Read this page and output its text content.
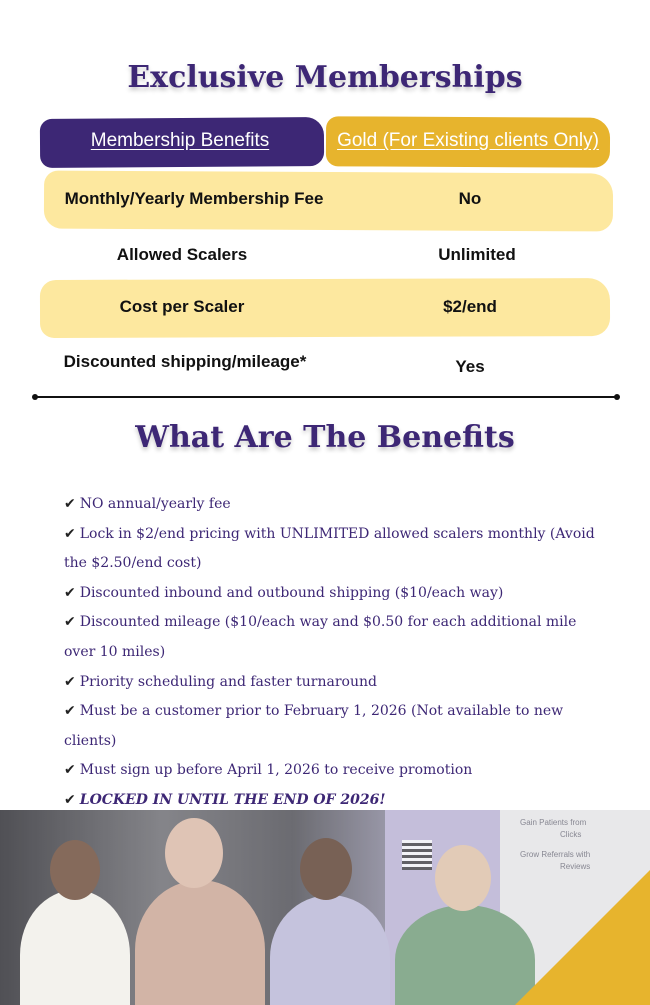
Exclusive Memberships
Membership Benefits	Gold (For Existing clients Only)
Monthly/Yearly Membership Fee	No
Allowed Scalers	Unlimited
Cost per Scaler	$2/end
Discounted shipping/mileage*	Yes
What Are The Benefits
✔ NO annual/yearly fee
✔ Lock in $2/end pricing with UNLIMITED allowed scalers monthly (Avoid the $2.50/end cost)
✔ Discounted inbound and outbound shipping ($10/each way)
✔ Discounted mileage ($10/each way and $0.50 for each additional mile over 10 miles)
✔ Priority scheduling and faster turnaround
✔ Must be a customer prior to February 1, 2026 (Not available to new clients)
✔ Must sign up before April 1, 2026 to receive promotion
✔ LOCKED IN UNTIL THE END OF 2026!
Gain Patients from
Clicks
Grow Referrals with
Reviews
